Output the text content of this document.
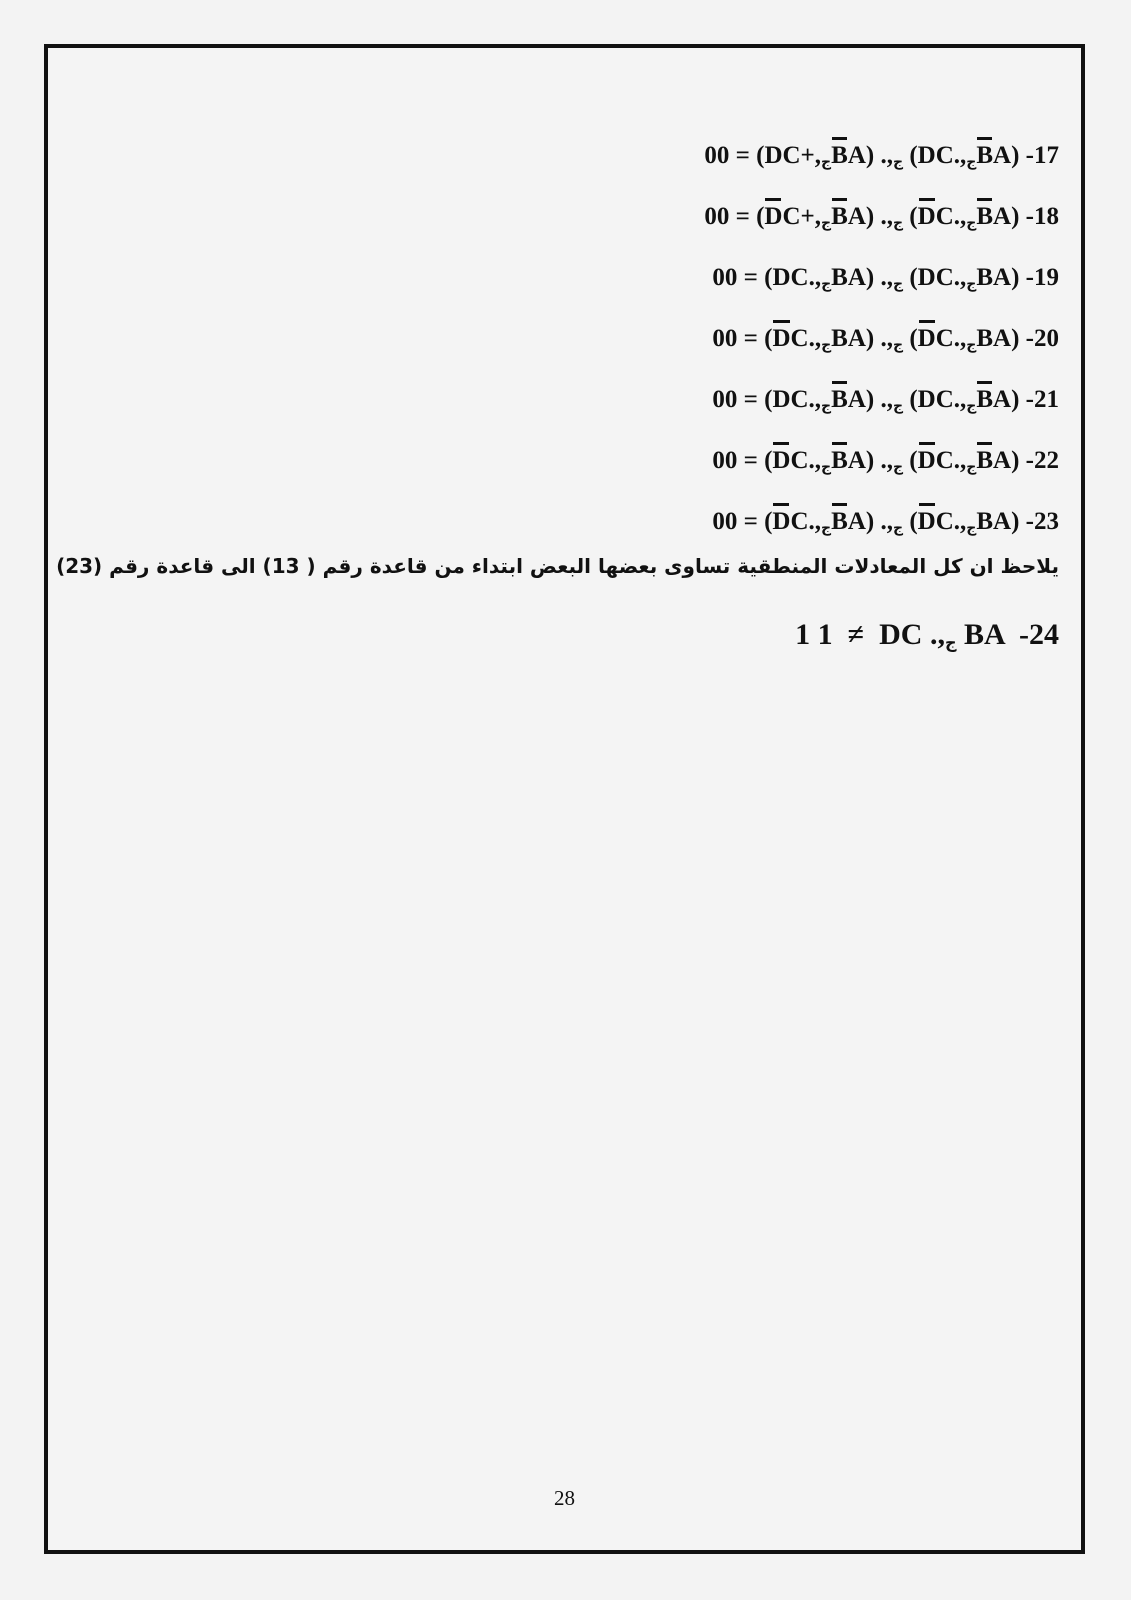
00 = (DC+,جBA) .,ج (DC.,جBA) -17
00 = (DC+,جBA) .,ج (DC.,جBA) -18
00 = (DC.,جBA) .,ج (DC.,جBA) -19
00 = (DC.,جBA) .,ج (DC.,جBA) -20
00 = (DC.,جBA) .,ج (DC.,جBA) -21
00 = (DC.,جBA) .,ج (DC.,جBA) -22
00 = (DC.,جBA) .,ج (DC.,جBA) -23
يلاحظ ان كل المعادلات المنطقية تساوى بعضها البعض ابتداء من قاعدة رقم ( 13) الى قاعدة رقم (23)
1 1 ≠ DC .,ج BA -24
28
